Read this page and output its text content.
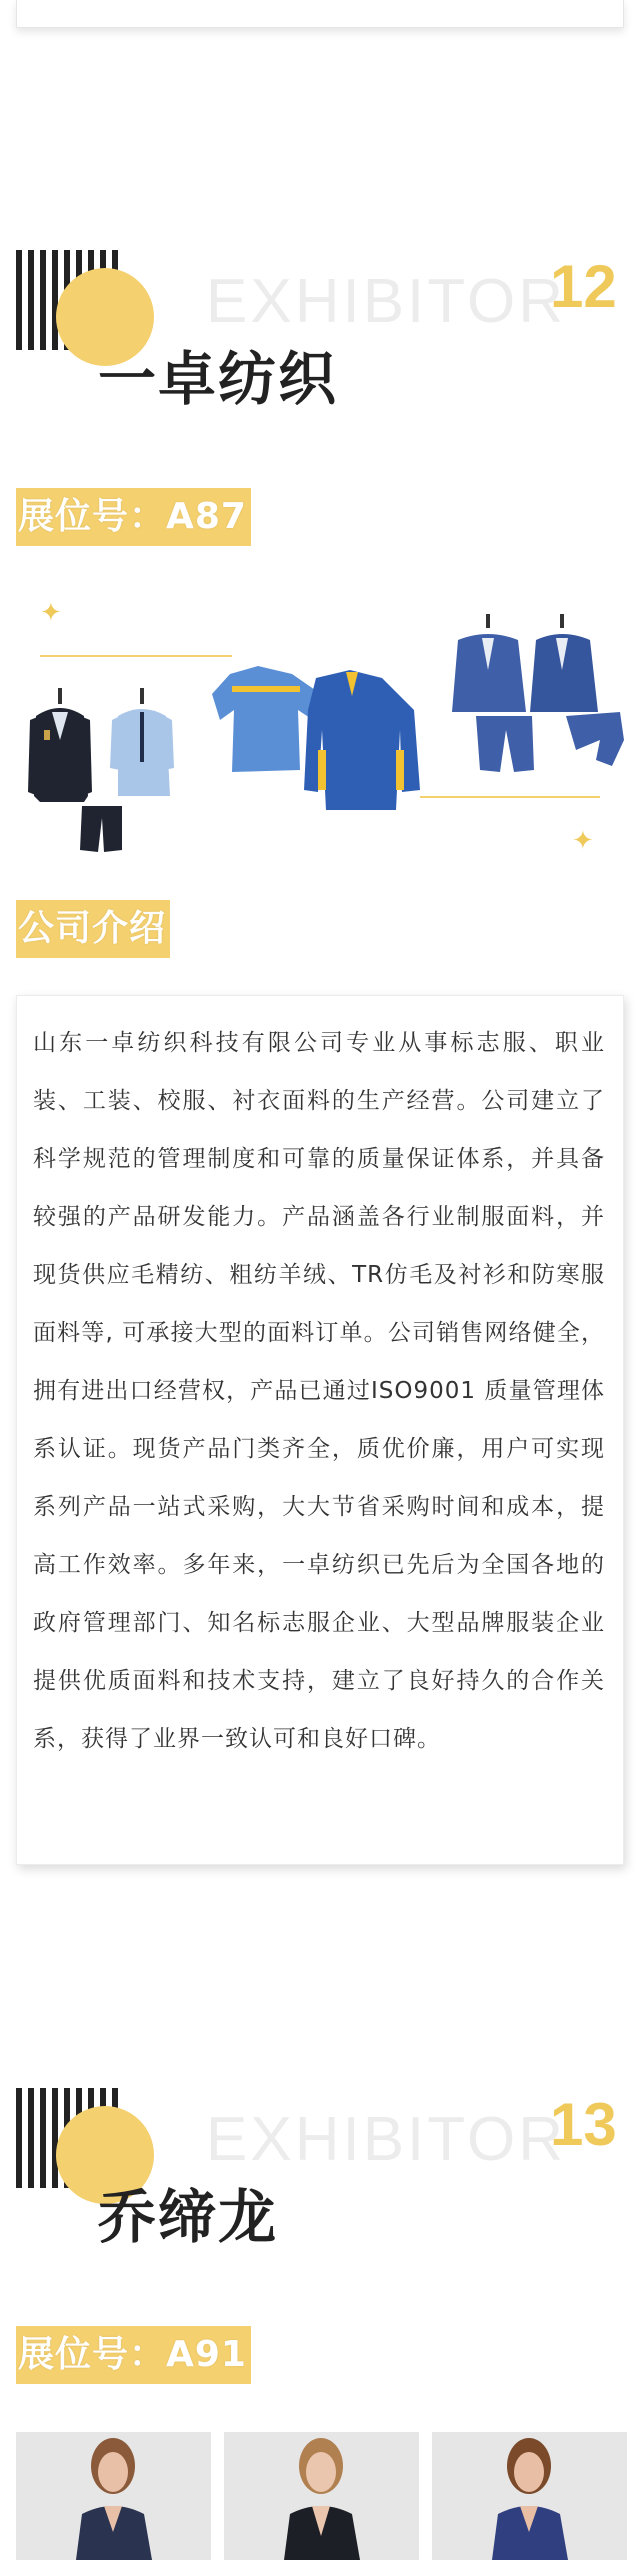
EXHIBITOR
12
一卓纺织
展位号：A87
✦
✦
公司介绍

山东一卓纺织科技有限公司专业从事标志服、职业装、工装、校服、衬衣面料的生产经营。公司建立了科学规范的管理制度和可靠的质量保证体系，并具备较强的产品研发能力。产品涵盖各行业制服面料，并现货供应毛精纺、粗纺羊绒、TR仿毛及衬衫和防寒服面料等, 可承接大型的面料订单。公司销售网络健全，拥有进出口经营权，产品已通过ISO9001 质量管理体系认证。现货产品门类齐全，质优价廉，用户可实现系列产品一站式采购，大大节省采购时间和成本，提高工作效率。多年来，一卓纺织已先后为全国各地的政府管理部门、知名标志服企业、大型品牌服装企业提供优质面料和技术支持，建立了良好持久的合作关系，获得了业界一致认可和良好口碑。

EXHIBITOR
13
乔缔龙
展位号：A91
